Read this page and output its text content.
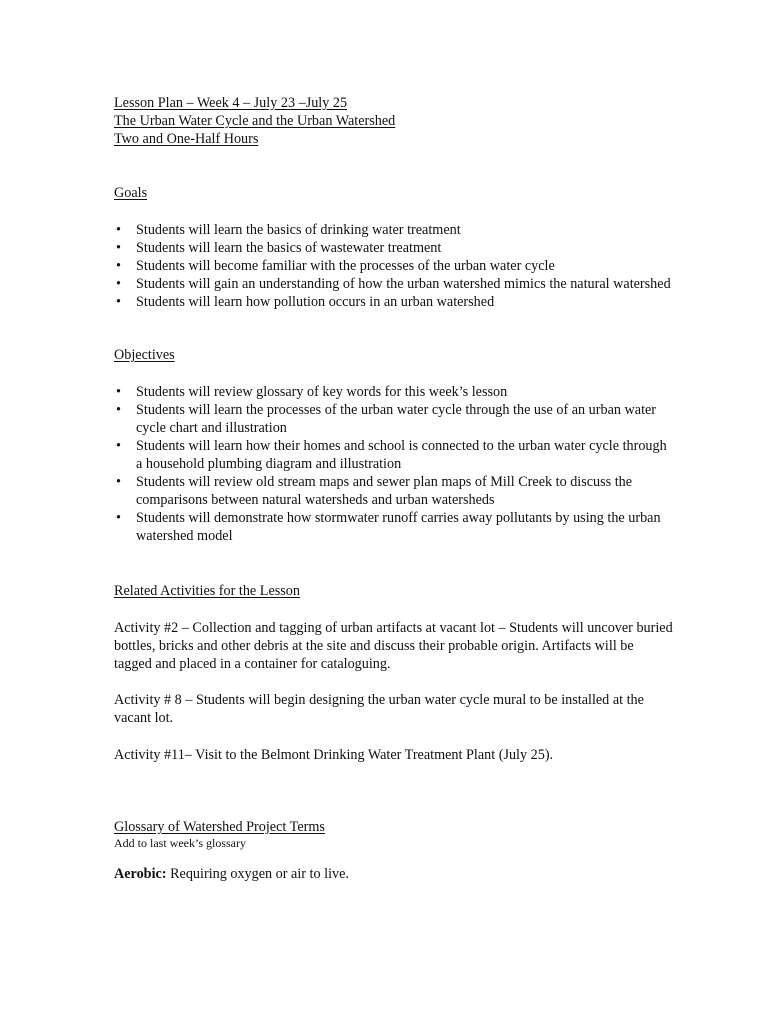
Lesson Plan – Week 4 – July 23 –July 25
The Urban Water Cycle and the Urban Watershed
Two and One-Half Hours
Goals
• Students will learn the basics of drinking water treatment
• Students will learn the basics of wastewater treatment
• Students will become familiar with the processes of the urban water cycle
• Students will gain an understanding of how the urban watershed mimics the natural watershed
• Students will learn how pollution occurs in an urban watershed
Objectives
• Students will review glossary of key words for this week’s lesson
• Students will learn the processes of the urban water cycle through the use of an urban water cycle chart and illustration
• Students will learn how their homes and school is connected to the urban water cycle through a household plumbing diagram and illustration
• Students will review old stream maps and sewer plan maps of Mill Creek to discuss the comparisons between natural watersheds and urban watersheds
• Students will demonstrate how stormwater runoff carries away pollutants by using the urban watershed model
Related Activities for the Lesson

Activity #2 – Collection and tagging of urban artifacts at vacant lot – Students will uncover buried bottles, bricks and other debris at the site and discuss their probable origin. Artifacts will be tagged and placed in a container for cataloguing.

Activity # 8 – Students will begin designing the urban water cycle mural to be installed at the vacant lot.

Activity #11– Visit to the Belmont Drinking Water Treatment Plant (July 25).

Glossary of Watershed Project Terms
Add to last week’s glossary

Aerobic: Requiring oxygen or air to live.
